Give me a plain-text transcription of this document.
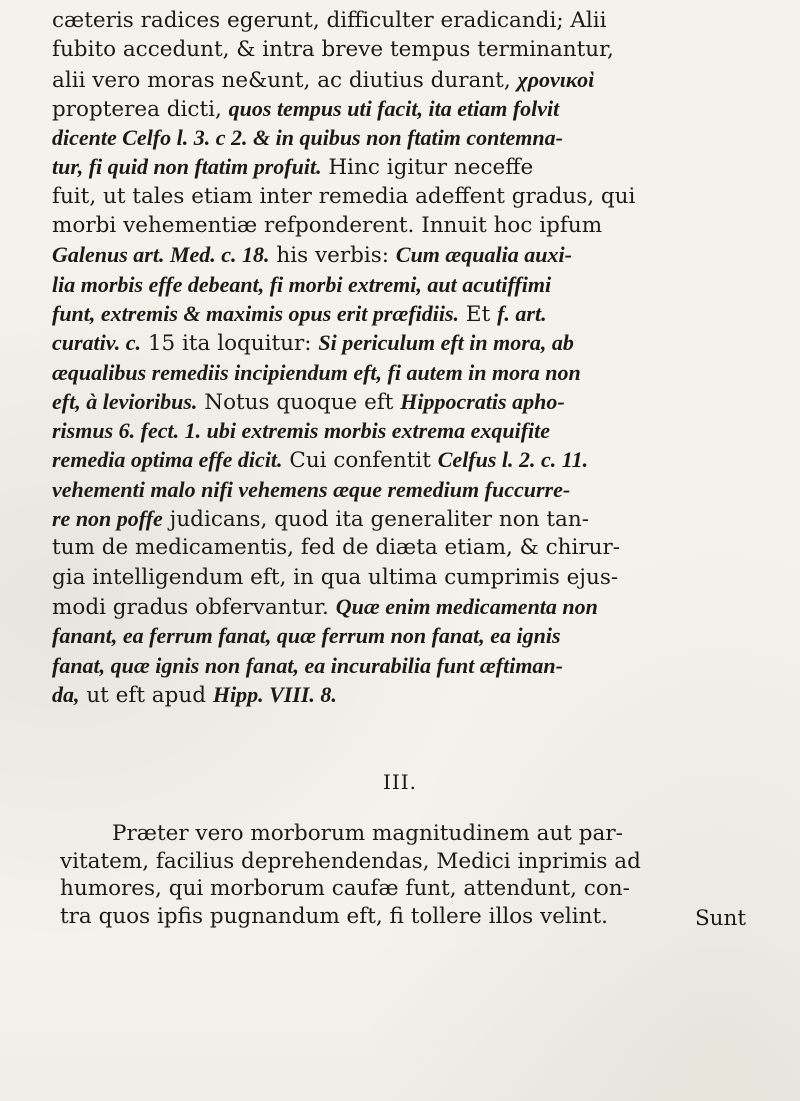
cæteris radices egerunt, difficulter eradicandi; Alii
fubito accedunt, & intra breve tempus terminantur,
alii vero moras ne&unt, ac diutius durant, χρονικοὶ
propterea dicti, quos tempus uti facit, ita etiam folvit
dicente Celfo l. 3. c 2. & in quibus non ftatim contemna-
tur, fi quid non ftatim profuit. Hinc igitur neceffe
fuit, ut tales etiam inter remedia adeffent gradus, qui
morbi vehementiæ refponderent. Innuit hoc ipfum
Galenus art. Med. c. 18. his verbis: Cum æqualia auxi-
lia morbis effe debeant, fi morbi extremi, aut acutiffimi
funt, extremis & maximis opus erit præfidiis. Et f. art.
curativ. c. 15 ita loquitur: Si periculum eft in mora, ab
æqualibus remediis incipiendum eft, fi autem in mora non
eft, à levioribus. Notus quoque eft Hippocratis apho-
rismus 6. fect. 1. ubi extremis morbis extrema exquifite
remedia optima effe dicit. Cui confentit Celfus l. 2. c. 11.
vehementi malo nifi vehemens æque remedium fuccurre-
re non poffe judicans, quod ita generaliter non tan-
tum de medicamentis, fed de diæta etiam, & chirur-
gia intelligendum eft, in qua ultima cumprimis ejus-
modi gradus obfervantur. Quæ enim medicamenta non
fanant, ea ferrum fanat, quæ ferrum non fanat, ea ignis
fanat, quæ ignis non fanat, ea incurabilia funt æftiman-
da, ut eft apud Hipp. VIII. 8.
III.
Præter vero morborum magnitudinem aut par-
vitatem, facilius deprehendendas, Medici inprimis ad
humores, qui morborum caufæ funt, attendunt, con-
tra quos ipfis pugnandum eft, fi tollere illos velint.	Sunt
